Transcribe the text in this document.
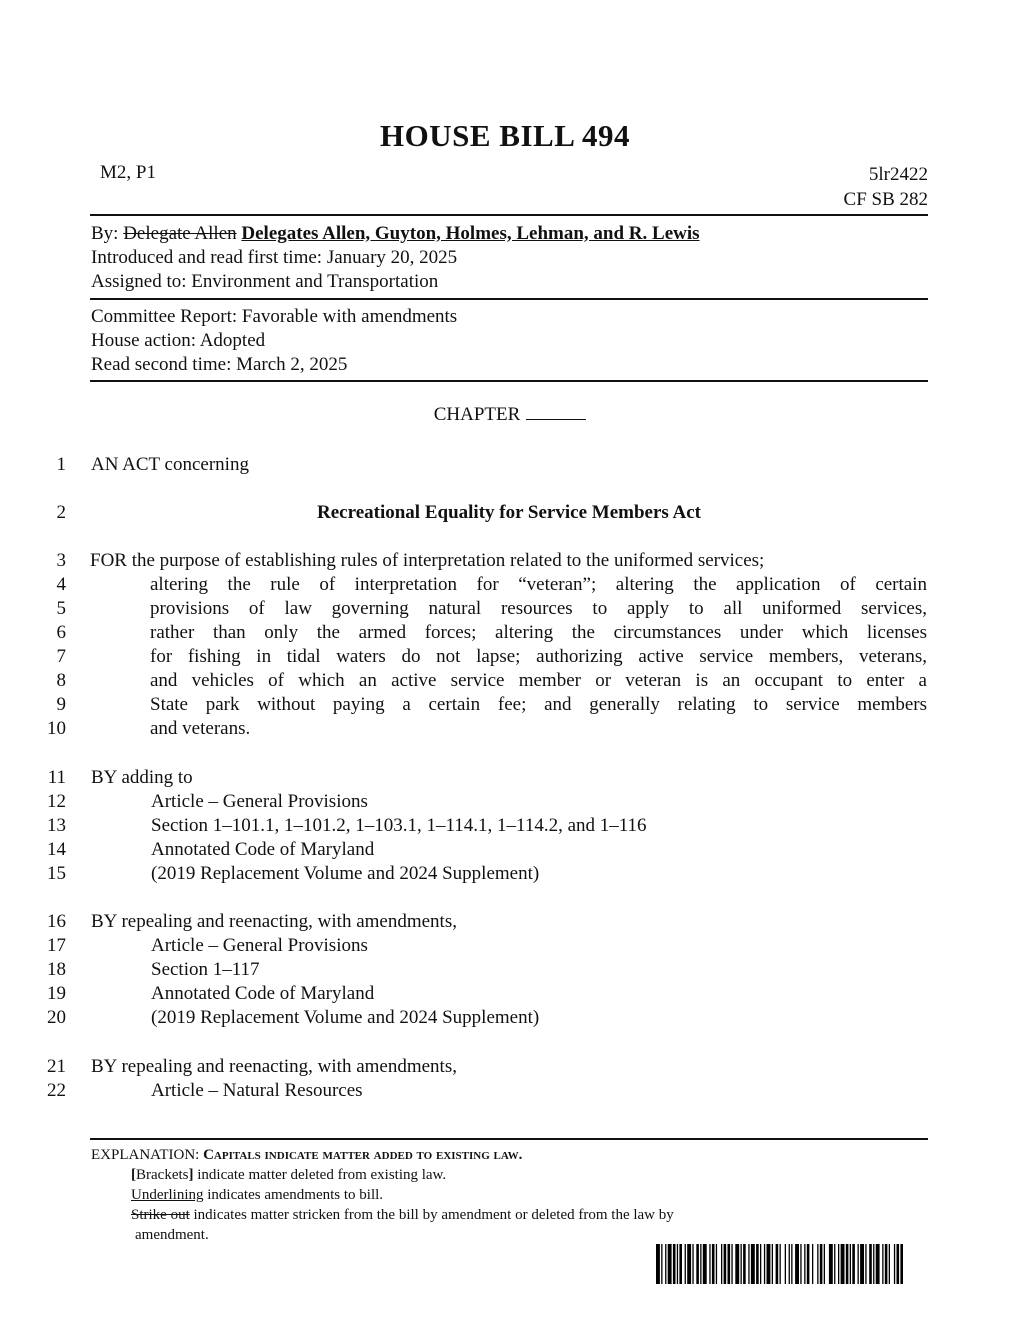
HOUSE BILL 494
M2, P1	5lr2422
CF SB 282
By: Delegate Allen Delegates Allen, Guyton, Holmes, Lehman, and R. Lewis
Introduced and read first time: January 20, 2025
Assigned to: Environment and Transportation
Committee Report: Favorable with amendments
House action: Adopted
Read second time: March 2, 2025
CHAPTER
1
2
3
4
5
6
7
8
9
10
11
12
13
14
15
16
17
18
19
20
21
22
AN ACT concerning
Recreational Equality for Service Members Act
FOR the purpose of establishing rules of interpretation related to the uniformed services;
altering the rule of interpretation for “veteran”; altering the application of certain
provisions of law governing natural resources to apply to all uniformed services,
rather than only the armed forces; altering the circumstances under which licenses
for fishing in tidal waters do not lapse; authorizing active service members, veterans,
and vehicles of which an active service member or veteran is an occupant to enter a
State park without paying a certain fee; and generally relating to service members
and veterans.
BY adding to
Article – General Provisions
Section 1–101.1, 1–101.2, 1–103.1, 1–114.1, 1–114.2, and 1–116
Annotated Code of Maryland
(2019 Replacement Volume and 2024 Supplement)
BY repealing and reenacting, with amendments,
Article – General Provisions
Section 1–117
Annotated Code of Maryland
(2019 Replacement Volume and 2024 Supplement)
BY repealing and reenacting, with amendments,
Article – Natural Resources
EXPLANATION: Capitals indicate matter added to existing law.
[Brackets] indicate matter deleted from existing law.
Underlining indicates amendments to bill.
Strike out indicates matter stricken from the bill by amendment or deleted from the law by
amendment.
